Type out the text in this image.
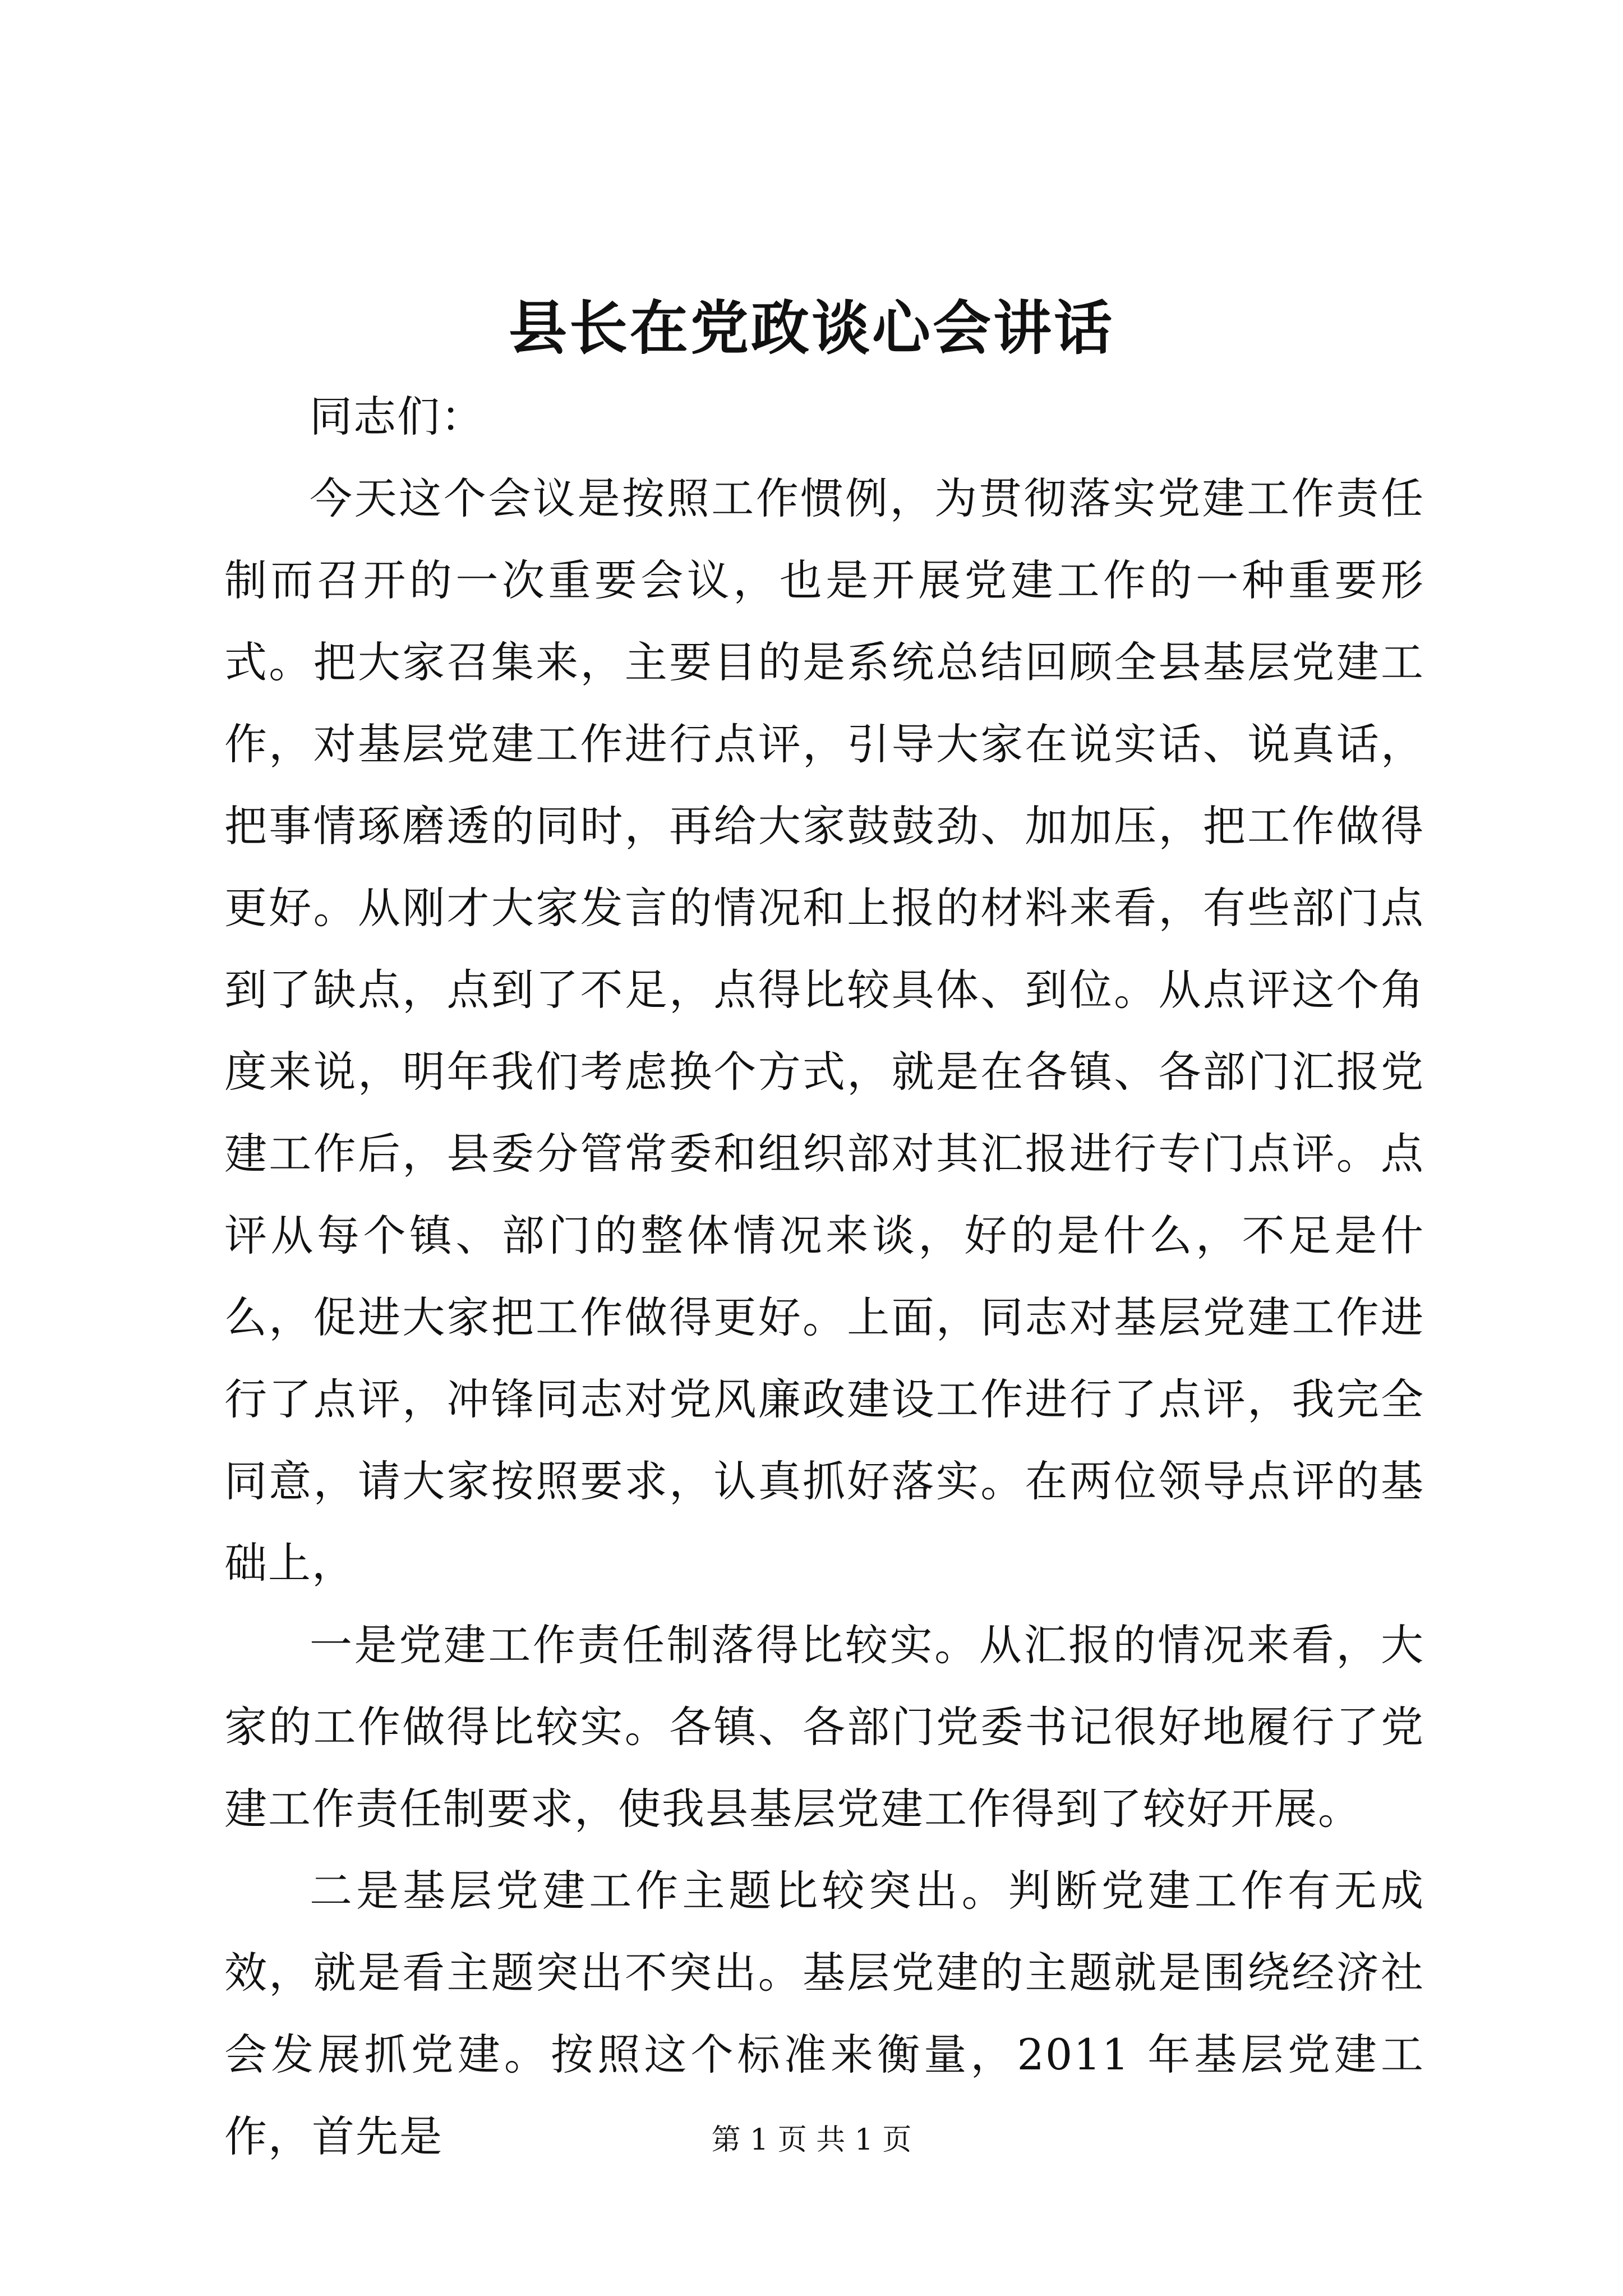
县长在党政谈心会讲话

同志们：

今天这个会议是按照工作惯例，为贯彻落实党建工作责任制而召开的一次重要会议，也是开展党建工作的一种重要形式。把大家召集来，主要目的是系统总结回顾全县基层党建工作，对基层党建工作进行点评，引导大家在说实话、说真话，把事情琢磨透的同时，再给大家鼓鼓劲、加加压，把工作做得更好。从刚才大家发言的情况和上报的材料来看，有些部门点到了缺点，点到了不足，点得比较具体、到位。从点评这个角度来说，明年我们考虑换个方式，就是在各镇、各部门汇报党建工作后，县委分管常委和组织部对其汇报进行专门点评。点评从每个镇、部门的整体情况来谈，好的是什么，不足是什么，促进大家把工作做得更好。上面，同志对基层党建工作进行了点评，冲锋同志对党风廉政建设工作进行了点评，我完全同意，请大家按照要求，认真抓好落实。在两位领导点评的基础上，

一是党建工作责任制落得比较实。从汇报的情况来看，大家的工作做得比较实。各镇、各部门党委书记很好地履行了党建工作责任制要求，使我县基层党建工作得到了较好开展。

二是基层党建工作主题比较突出。判断党建工作有无成效，就是看主题突出不突出。基层党建的主题就是围绕经济社会发展抓党建。按照这个标准来衡量，2011 年基层党建工作，首先是	第 1 页 共 1 页
